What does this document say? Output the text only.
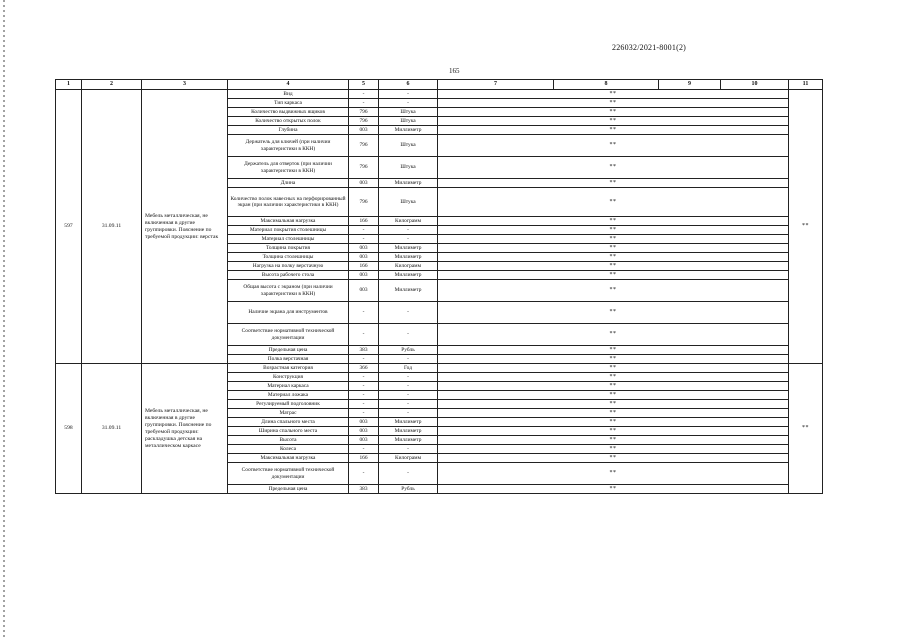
226032/2021-8001(2)
165
1	2	3	4	5	6	7	8	9	10	11
597	31.09.11	Мебель металлическая, не включенная в другие группировки. Пояснение по требуемой продукции: верстак	Вид	-	-	**				**
			Тип каркаса	-	-	**				
			Количество выдвижных ящиков	796	Штука	**				
			Количество открытых полок	796	Штука	**				
			Глубина	003	Миллиметр	**				
			Держатель для ключей (при наличии характеристики в ККН)	796	Штука	**				
			Держатель для отверток (при наличии характеристики в ККН)	796	Штука	**				
			Длина	003	Миллиметр	**				
			Количество полок навесных на перфорированный экран (при наличии характеристики в ККН)	796	Штука	**				
			Максимальная нагрузка	166	Килограмм	**				
			Материал покрытия столешницы	-	-	**				
			Материал столешницы	-	-	**				
			Толщина покрытия	003	Миллиметр	**				
			Толщина столешницы	003	Миллиметр	**				
			Нагрузка на полку верстачную	166	Килограмм	**				
			Высота рабочего стола	003	Миллиметр	**				
			Общая высота с экраном (при наличии характеристики в ККН)	003	Миллиметр	**				
			Наличие экрана для инструментов	-	-	**				
			Соответствие нормативной технической документации	-	-	**				
			Предельная цена	383	Рубль	**				
			Полка верстачная	-	-	**				
598	31.09.11	Мебель металлическая, не включенная в другие группировки. Пояснение по требуемой продукции: раскладушка детская на металлическом каркасе	Возрастная категория	366	Год	**				**
			Конструкция	-	-	**				
			Материал каркаса	-	-	**				
			Материал ложака	-	-	**				
			Регулируемый подголовник	-	-	**				
			Матрас	-	-	**				
			Длина спального места	003	Миллиметр	**				
			Ширина спального места	003	Миллиметр	**				
			Высота	003	Миллиметр	**				
			Колеса	-	-	**				
			Максимальная нагрузка	166	Килограмм	**				
			Соответствие нормативной технической документации	-	-	**				
			Предельная цена	383	Рубль	**				
